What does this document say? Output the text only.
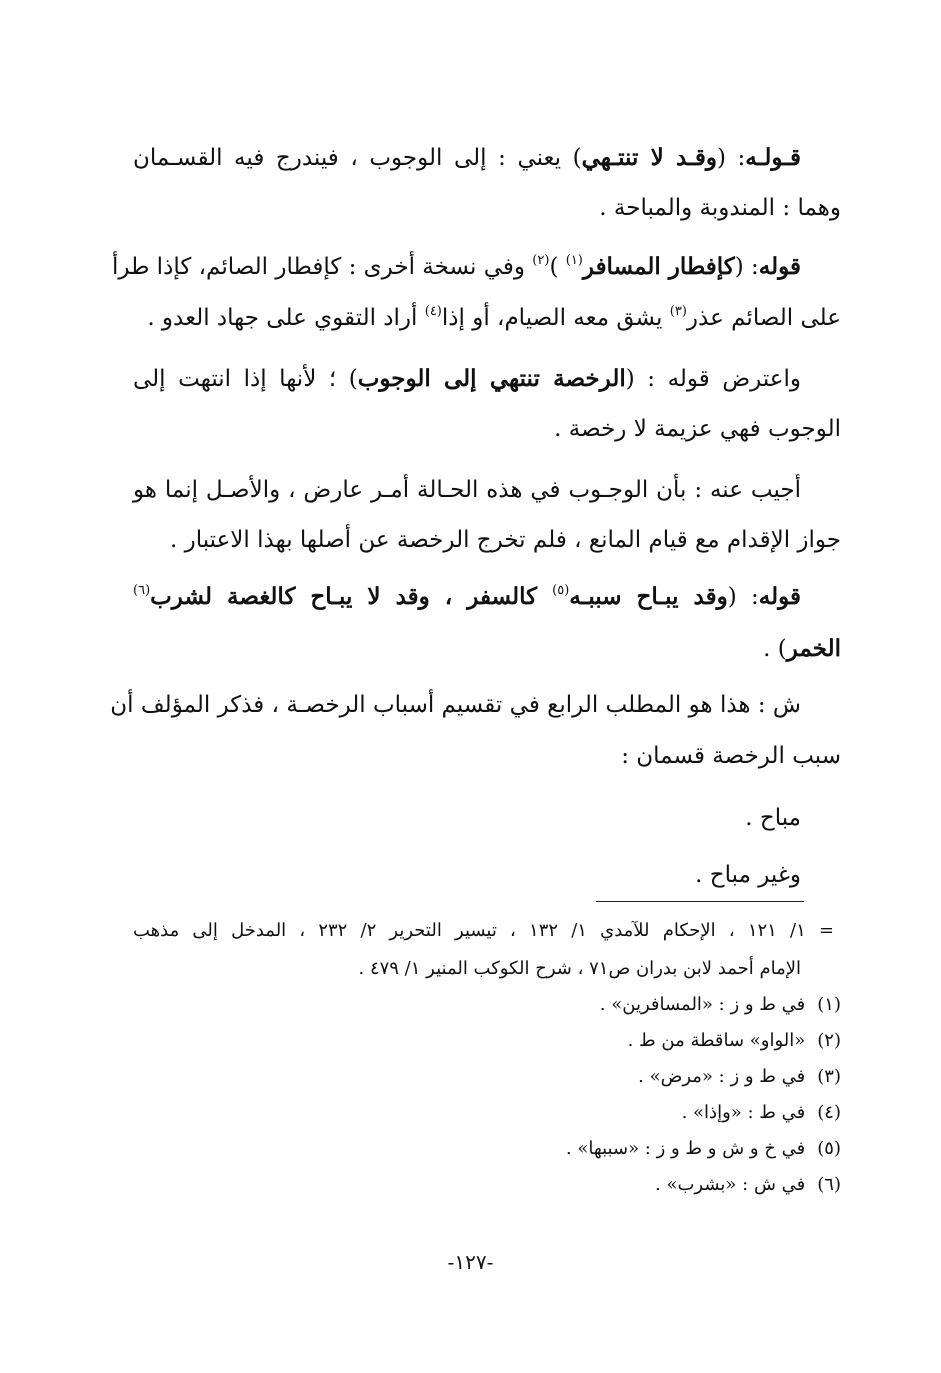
قـولـه: (وقـد لا تنتـهي) يعني : إلى الوجوب ، فيندرج فيه القسـمان
وهما : المندوبة والمباحة .
قوله: (كإفطار المسافر$^{(١)}$ )$^{(٢)}$ وفي نسخة أخرى : كإفطار الصائم، كإذا طرأ
على الصائم عذر$^{(٣)}$ يشق معه الصيام، أو إذا$^{(٤)}$ أراد التقوي على جهاد العدو .
واعترض قوله : (الرخصة تنتهي إلى الوجوب) ؛ لأنها إذا انتهت إلى
الوجوب فهي عزيمة لا رخصة .
أجيب عنه : بأن الوجـوب في هذه الحـالة أمـر عارض ، والأصـل إنما هو
جواز الإقدام مع قيام المانع ، فلم تخرج الرخصة عن أصلها بهذا الاعتبار .
قوله: (وقد يبـاح سببـه$^{(٥)}$ كالسفر ، وقد لا يبـاح كالغصة لشرب$^{(٦)}$
الخمر) .
ش : هذا هو المطلب الرابع في تقسيم أسباب الرخصـة ، فذكر المؤلف أن
سبب الرخصة قسمان :
مباح .
وغير مباح .
= ١/ ١٢١ ، الإحكام للآمدي ١/ ١٣٢ ، تيسير التحرير ٢/ ٢٣٢ ، المدخل إلى مذهب
الإمام أحمد لابن بدران ص٧١ ، شرح الكوكب المنير ١/ ٤٧٩ .
(١)في ط و ز : «المسافرين» .
(٢)«الواو» ساقطة من ط .
(٣)في ط و ز : «مرض» .
(٤)في ط : «وإذا» .
(٥)في خ و ش و ط و ز : «سببها» .
(٦)في ش : «بشرب» .
-١٢٧-
